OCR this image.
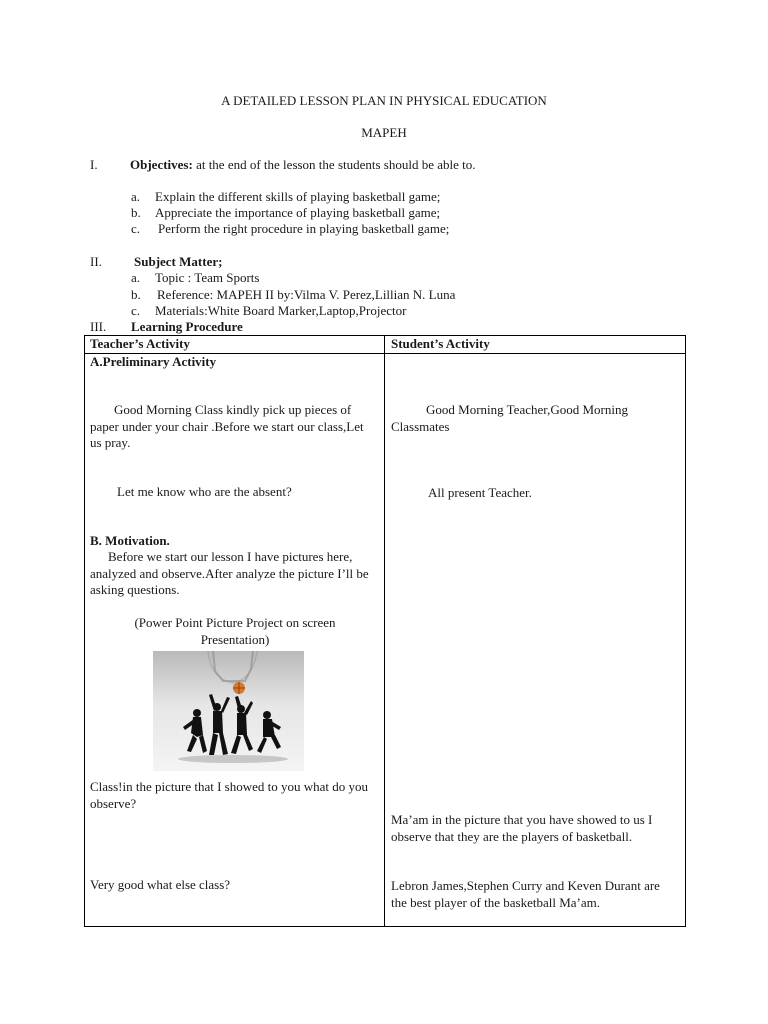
A DETAILED LESSON PLAN IN PHYSICAL EDUCATION
MAPEH
I. Objectives: at the end of the lesson the students should be able to.
a. Explain the different skills of playing basketball game;
b. Appreciate the importance of playing basketball game;
c. Perform the right procedure in playing basketball game;
II. Subject Matter;
a. Topic : Team Sports
b. Reference: MAPEH II by:Vilma V. Perez,Lillian N. Luna
c. Materials:White Board Marker,Laptop,Projector
III. Learning Procedure
Teacher’s Activity	Student’s Activity
A.Preliminary Activity
Good Morning Class kindly pick up pieces of paper under your chair .Before we start our class,Let us pray.
Let me know who are the absent?
B. Motivation.
Before we start our lesson I have pictures here, analyzed and observe.After analyze the picture I’ll be asking questions.
(Power Point Picture Project on screen Presentation)
Class!in the picture that I showed to you what do you observe?
Very good what else class?
Good Morning Teacher,Good Morning Classmates
All present Teacher.
Ma’am in the picture that you have showed to us I observe that they are the players of basketball.
Lebron James,Stephen Curry and Keven Durant are the best player of the basketball Ma’am.
